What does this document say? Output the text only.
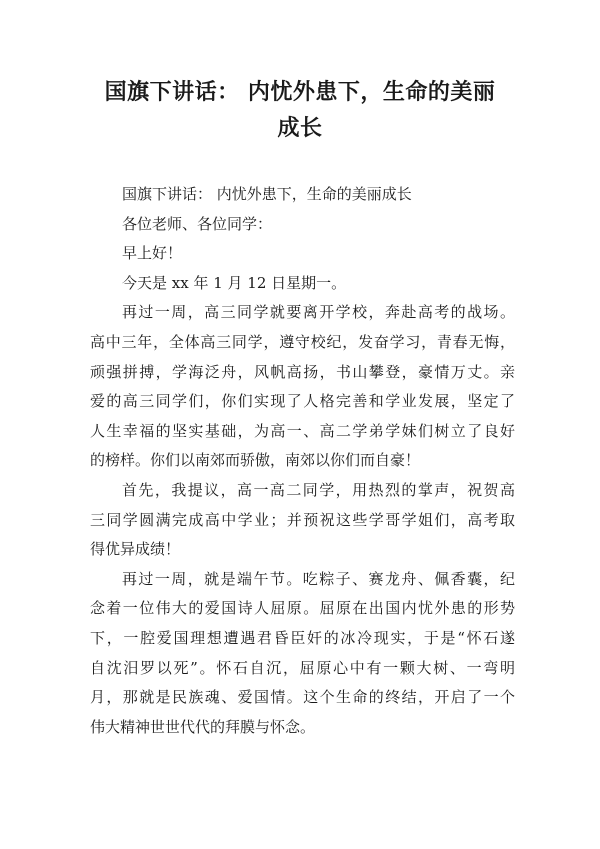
国旗下讲话： 内忧外患下，生命的美丽
成长
国旗下讲话： 内忧外患下，生命的美丽成长
各位老师、各位同学：
早上好！
今天是 xx 年 1 月 12 日星期一。
再过一周，高三同学就要离开学校，奔赴高考的战场。
高中三年，全体高三同学，遵守校纪，发奋学习，青春无悔，
顽强拼搏，学海泛舟，风帆高扬，书山攀登，豪情万丈。亲
爱的高三同学们，你们实现了人格完善和学业发展，坚定了
人生幸福的坚实基础，为高一、高二学弟学妹们树立了良好
的榜样。你们以南郊而骄傲，南郊以你们而自豪！
首先，我提议，高一高二同学，用热烈的掌声，祝贺高
三同学圆满完成高中学业；并预祝这些学哥学姐们，高考取
得优异成绩！
再过一周，就是端午节。吃粽子、赛龙舟、佩香囊，纪
念着一位伟大的爱国诗人屈原。屈原在出国内忧外患的形势
下，一腔爱国理想遭遇君昏臣奸的冰冷现实，于是“怀石遂
自沈汨罗以死”。怀石自沉，屈原心中有一颗大树、一弯明
月，那就是民族魂、爱国情。这个生命的终结，开启了一个
伟大精神世世代代的拜膜与怀念。
